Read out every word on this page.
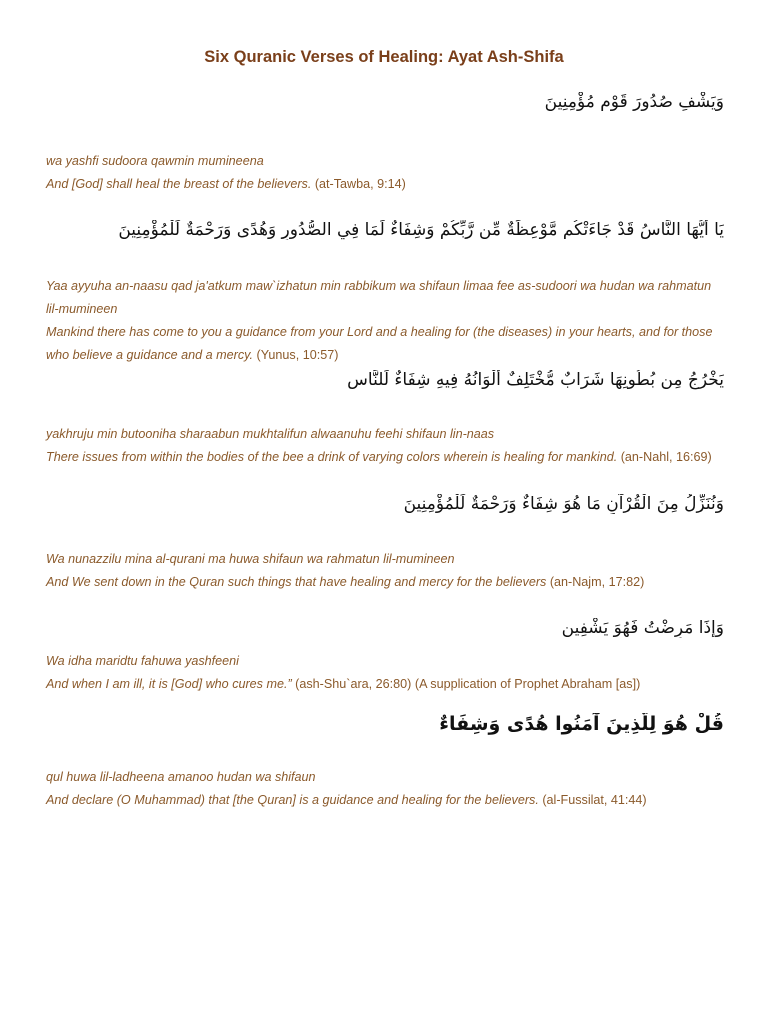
Six Quranic Verses of Healing: Ayat Ash-Shifa
وَيَشْفِ صُدُورَ قَوْمٍ مُؤْمِنِينَ
wa yashfi sudoora qawmin mumineena
And [God] shall heal the breast of the believers. (at-Tawba, 9:14)
يَا أَيُّهَا النَّاسُ قَدْ جَاءَتْكُم مَّوْعِظَةٌ مِّن رَّبِّكُمْ وَشِفَاءٌ لِّمَا فِي الصُّدُورِ وَهُدًى وَرَحْمَةٌ لِّلْمُؤْمِنِينَ
Yaa ayyuha an-naasu qad ja'atkum maw`izhatun min rabbikum wa shifaun limaa fee as-sudoori wa hudan wa rahmatun lil-mumineen
Mankind there has come to you a guidance from your Lord and a healing for (the diseases) in your hearts, and for those who believe a guidance and a mercy. (Yunus, 10:57)
يَخْرُجُ مِن بُطُونِهَا شَرَابٌ مُّخْتَلِفٌ أَلْوَانُهُ فِيهِ شِفَاءٌ لِّلنَّاسِ
yakhruju min butooniha sharaabun mukhtalifun alwaanuhu feehi shifaun lin-naas
There issues from within the bodies of the bee a drink of varying colors wherein is healing for mankind. (an-Nahl, 16:69)
وَنُنَزِّلُ مِنَ الْقُرْآنِ مَا هُوَ شِفَاءٌ وَرَحْمَةٌ لِّلْمُؤْمِنِينَ
Wa nunazzilu mina al-qurani ma huwa shifaun wa rahmatun lil-mumineen
And We sent down in the Quran such things that have healing and mercy for the believers (an-Najm, 17:82)
وَإِذَا مَرِضْتُ فَهُوَ يَشْفِينِ
Wa idha maridtu fahuwa yashfeeni
And when I am ill, it is [God] who cures me.” (ash-Shu`ara, 26:80) (A supplication of Prophet Abraham [as])
قُلْ هُوَ لِلَّذِينَ آمَنُوا هُدًى وَشِفَاءٌ
qul huwa lil-ladheena amanoo hudan wa shifaun
And declare (O Muhammad) that [the Quran] is a guidance and healing for the believers. (al-Fussilat, 41:44)
